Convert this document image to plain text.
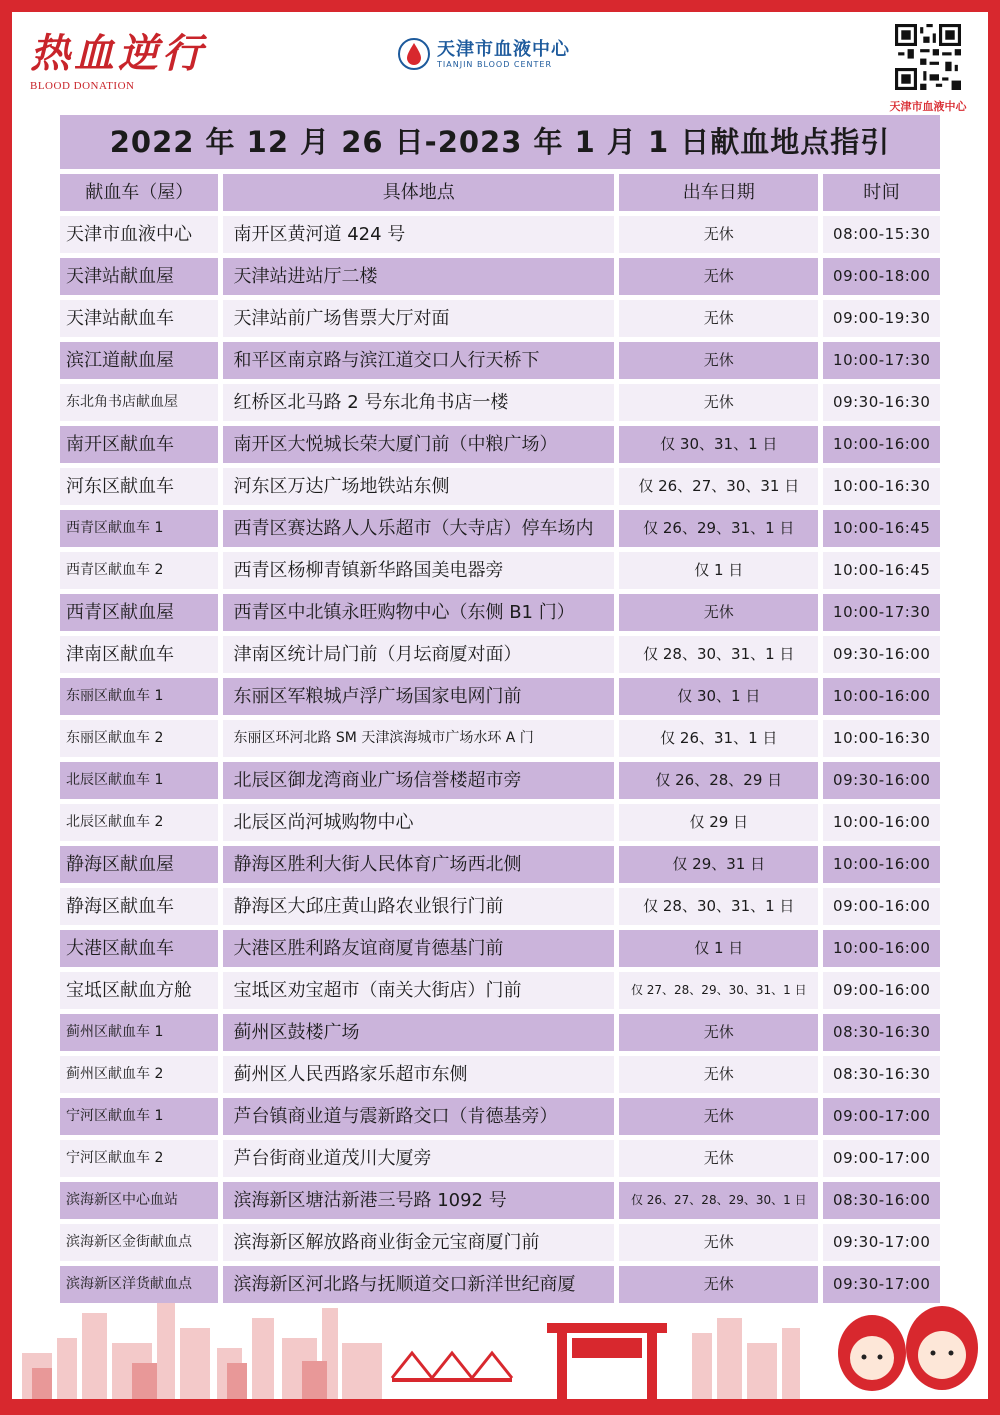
热血逆行
BLOOD DONATION
天津市血液中心
TIANJIN BLOOD CENTER
天津市血液中心
2022 年 12 月 26 日-2023 年 1 月 1 日献血地点指引
献血车（屋）	具体地点	出车日期	时间
天津市血液中心	南开区黄河道 424 号	无休	08:00-15:30
天津站献血屋	天津站进站厅二楼	无休	09:00-18:00
天津站献血车	天津站前广场售票大厅对面	无休	09:00-19:30
滨江道献血屋	和平区南京路与滨江道交口人行天桥下	无休	10:00-17:30
东北角书店献血屋	红桥区北马路 2 号东北角书店一楼	无休	09:30-16:30
南开区献血车	南开区大悦城长荣大厦门前（中粮广场）	仅 30、31、1 日	10:00-16:00
河东区献血车	河东区万达广场地铁站东侧	仅 26、27、30、31 日	10:00-16:30
西青区献血车 1	西青区赛达路人人乐超市（大寺店）停车场内	仅 26、29、31、1 日	10:00-16:45
西青区献血车 2	西青区杨柳青镇新华路国美电器旁	仅 1 日	10:00-16:45
西青区献血屋	西青区中北镇永旺购物中心（东侧 B1 门）	无休	10:00-17:30
津南区献血车	津南区统计局门前（月坛商厦对面）	仅 28、30、31、1 日	09:30-16:00
东丽区献血车 1	东丽区军粮城卢浮广场国家电网门前	仅 30、1 日	10:00-16:00
东丽区献血车 2	东丽区环河北路 SM 天津滨海城市广场水环 A 门	仅 26、31、1 日	10:00-16:30
北辰区献血车 1	北辰区御龙湾商业广场信誉楼超市旁	仅 26、28、29 日	09:30-16:00
北辰区献血车 2	北辰区尚河城购物中心	仅 29 日	10:00-16:00
静海区献血屋	静海区胜利大街人民体育广场西北侧	仅 29、31 日	10:00-16:00
静海区献血车	静海区大邱庄黄山路农业银行门前	仅 28、30、31、1 日	09:00-16:00
大港区献血车	大港区胜利路友谊商厦肯德基门前	仅 1 日	10:00-16:00
宝坻区献血方舱	宝坻区劝宝超市（南关大街店）门前	仅 27、28、29、30、31、1 日	09:00-16:00
蓟州区献血车 1	蓟州区鼓楼广场	无休	08:30-16:30
蓟州区献血车 2	蓟州区人民西路家乐超市东侧	无休	08:30-16:30
宁河区献血车 1	芦台镇商业道与震新路交口（肯德基旁）	无休	09:00-17:00
宁河区献血车 2	芦台街商业道茂川大厦旁	无休	09:00-17:00
滨海新区中心血站	滨海新区塘沽新港三号路 1092 号	仅 26、27、28、29、30、1 日	08:30-16:00
滨海新区金街献血点	滨海新区解放路商业街金元宝商厦门前	无休	09:30-17:00
滨海新区洋货献血点	滨海新区河北路与抚顺道交口新洋世纪商厦	无休	09:30-17:00
